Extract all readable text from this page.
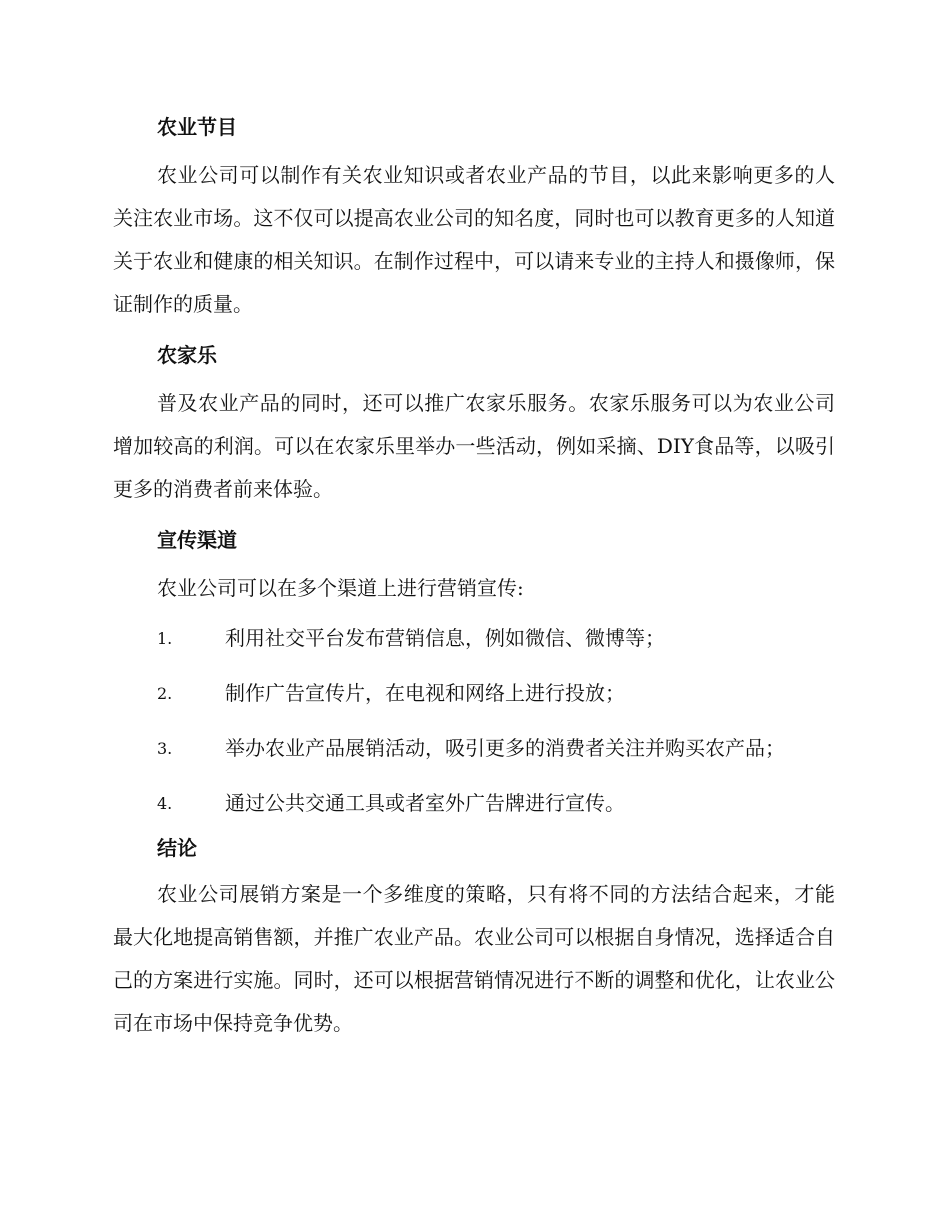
农业节目

农业公司可以制作有关农业知识或者农业产品的节目，以此来影响更多的人关注农业市场。这不仅可以提高农业公司的知名度，同时也可以教育更多的人知道关于农业和健康的相关知识。在制作过程中，可以请来专业的主持人和摄像师，保证制作的质量。

农家乐

普及农业产品的同时，还可以推广农家乐服务。农家乐服务可以为农业公司增加较高的利润。可以在农家乐里举办一些活动，例如采摘、DIY食品等，以吸引更多的消费者前来体验。

宣传渠道

农业公司可以在多个渠道上进行营销宣传:

1.	利用社交平台发布营销信息，例如微信、微博等；
2.	制作广告宣传片，在电视和网络上进行投放；
3.	举办农业产品展销活动，吸引更多的消费者关注并购买农产品；
4.	通过公共交通工具或者室外广告牌进行宣传。
结论

农业公司展销方案是一个多维度的策略，只有将不同的方法结合起来，才能最大化地提高销售额，并推广农业产品。农业公司可以根据自身情况，选择适合自己的方案进行实施。同时，还可以根据营销情况进行不断的调整和优化，让农业公司在市场中保持竞争优势。
